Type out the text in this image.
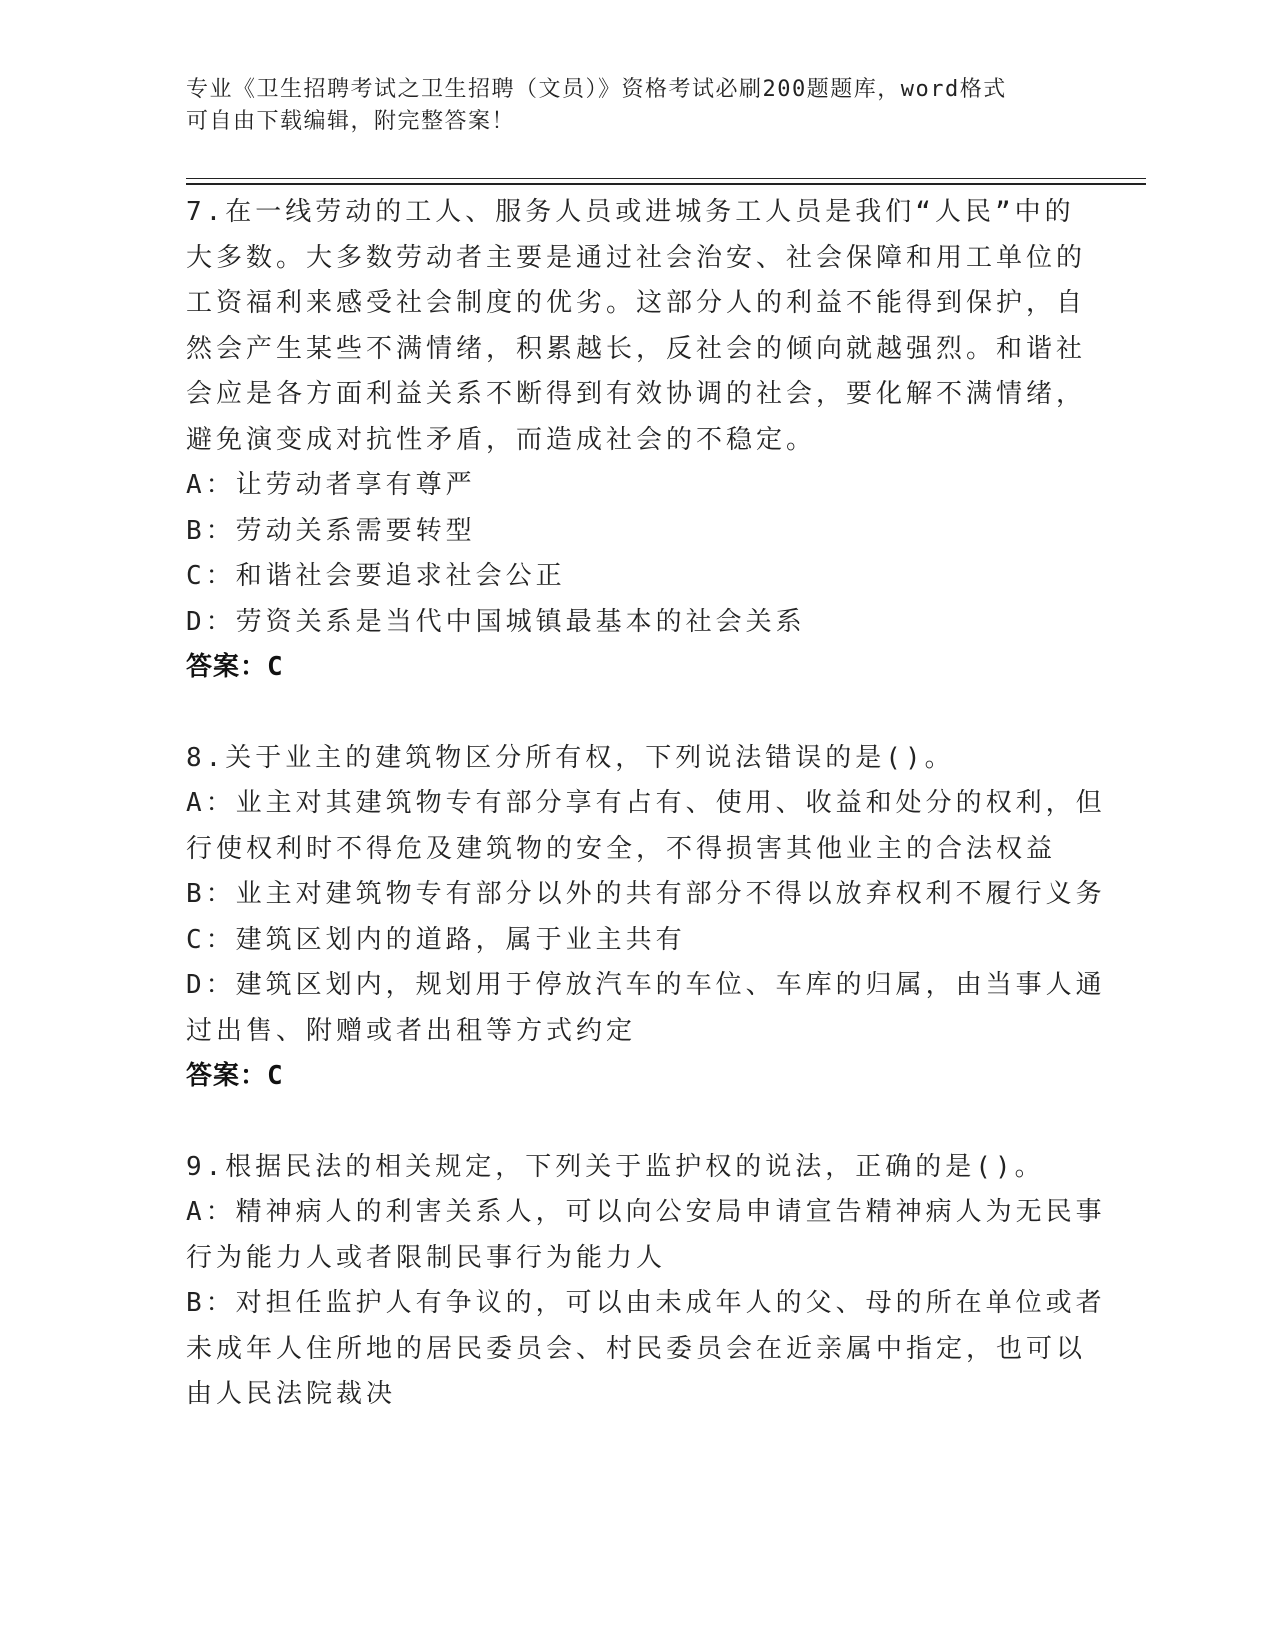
专业《卫生招聘考试之卫生招聘（文员）》资格考试必刷200题题库，word格式
可自由下载编辑，附完整答案！
7.在一线劳动的工人、服务人员或进城务工人员是我们“人民”中的
大多数。大多数劳动者主要是通过社会治安、社会保障和用工单位的
工资福利来感受社会制度的优劣。这部分人的利益不能得到保护，自
然会产生某些不满情绪，积累越长，反社会的倾向就越强烈。和谐社
会应是各方面利益关系不断得到有效协调的社会，要化解不满情绪，
避免演变成对抗性矛盾，而造成社会的不稳定。
A：让劳动者享有尊严
B：劳动关系需要转型
C：和谐社会要追求社会公正
D：劳资关系是当代中国城镇最基本的社会关系
答案：C
8.关于业主的建筑物区分所有权，下列说法错误的是()。
A：业主对其建筑物专有部分享有占有、使用、收益和处分的权利，但
行使权利时不得危及建筑物的安全，不得损害其他业主的合法权益
B：业主对建筑物专有部分以外的共有部分不得以放弃权利不履行义务
C：建筑区划内的道路，属于业主共有
D：建筑区划内，规划用于停放汽车的车位、车库的归属，由当事人通
过出售、附赠或者出租等方式约定
答案：C
9.根据民法的相关规定，下列关于监护权的说法，正确的是()。
A：精神病人的利害关系人，可以向公安局申请宣告精神病人为无民事
行为能力人或者限制民事行为能力人
B：对担任监护人有争议的，可以由未成年人的父、母的所在单位或者
未成年人住所地的居民委员会、村民委员会在近亲属中指定，也可以
由人民法院裁决
